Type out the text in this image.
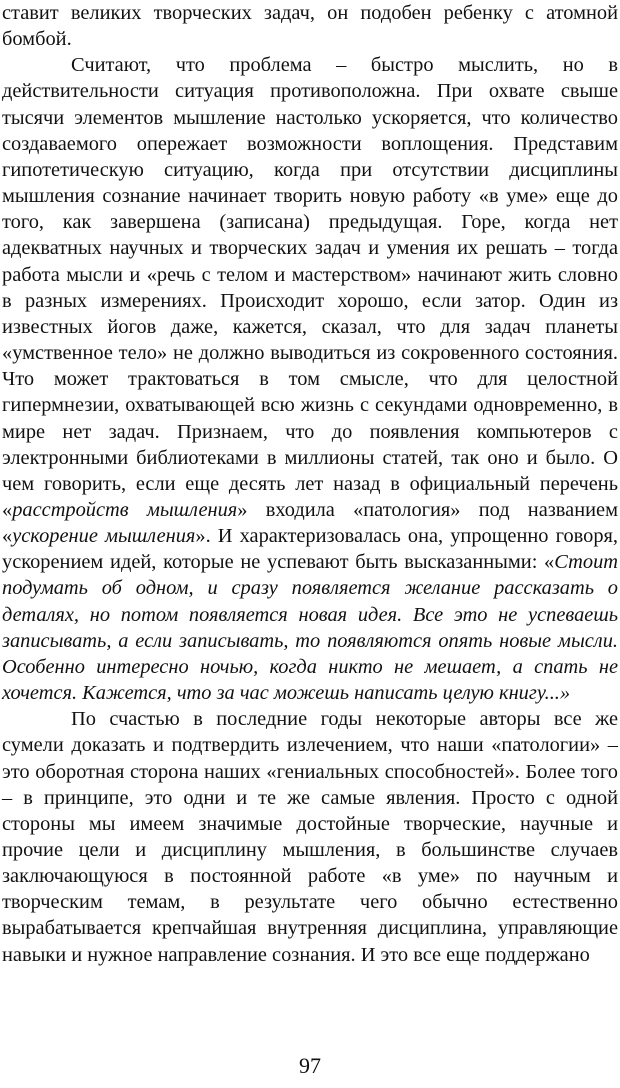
ставит великих творческих задач, он подобен ребенку с атомной бомбой.

Считают, что проблема – быстро мыслить, но в действительности ситуация противоположна. При охвате свыше тысячи элементов мышление настолько ускоряется, что количество создаваемого опережает возможности воплощения. Представим гипотетическую ситуацию, когда при отсутствии дисциплины мышления сознание начинает творить новую работу «в уме» еще до того, как завершена (записана) предыдущая. Горе, когда нет адекватных научных и творческих задач и умения их решать – тогда работа мысли и «речь с телом и мастерством» начинают жить словно в разных измерениях. Происходит хорошо, если затор. Один из известных йогов даже, кажется, сказал, что для задач планеты «умственное тело» не должно выводиться из сокровенного состояния. Что может трактоваться в том смысле, что для целостной гипермнезии, охватывающей всю жизнь с секундами одновременно, в мире нет задач. Признаем, что до появления компьютеров с электронными библиотеками в миллионы статей, так оно и было. О чем говорить, если еще десять лет назад в официальный перечень «расстройств мышления» входила «патология» под названием «ускорение мышления». И характеризовалась она, упрощенно говоря, ускорением идей, которые не успевают быть высказанными: «Стоит подумать об одном, и сразу появляется желание рассказать о деталях, но потом появляется новая идея. Все это не успеваешь записывать, а если записывать, то появляются опять новые мысли. Особенно интересно ночью, когда никто не мешает, а спать не хочется. Кажется, что за час можешь написать целую книгу...»

По счастью в последние годы некоторые авторы все же сумели доказать и подтвердить излечением, что наши «патологии» – это оборотная сторона наших «гениальных способностей». Более того – в принципе, это одни и те же самые явления. Просто с одной стороны мы имеем значимые достойные творческие, научные и прочие цели и дисциплину мышления, в большинстве случаев заключающуюся в постоянной работе «в уме» по научным и творческим темам, в результате чего обычно естественно вырабатывается крепчайшая внутренняя дисциплина, управляющие навыки и нужное направление сознания. И это все еще поддержано

97
